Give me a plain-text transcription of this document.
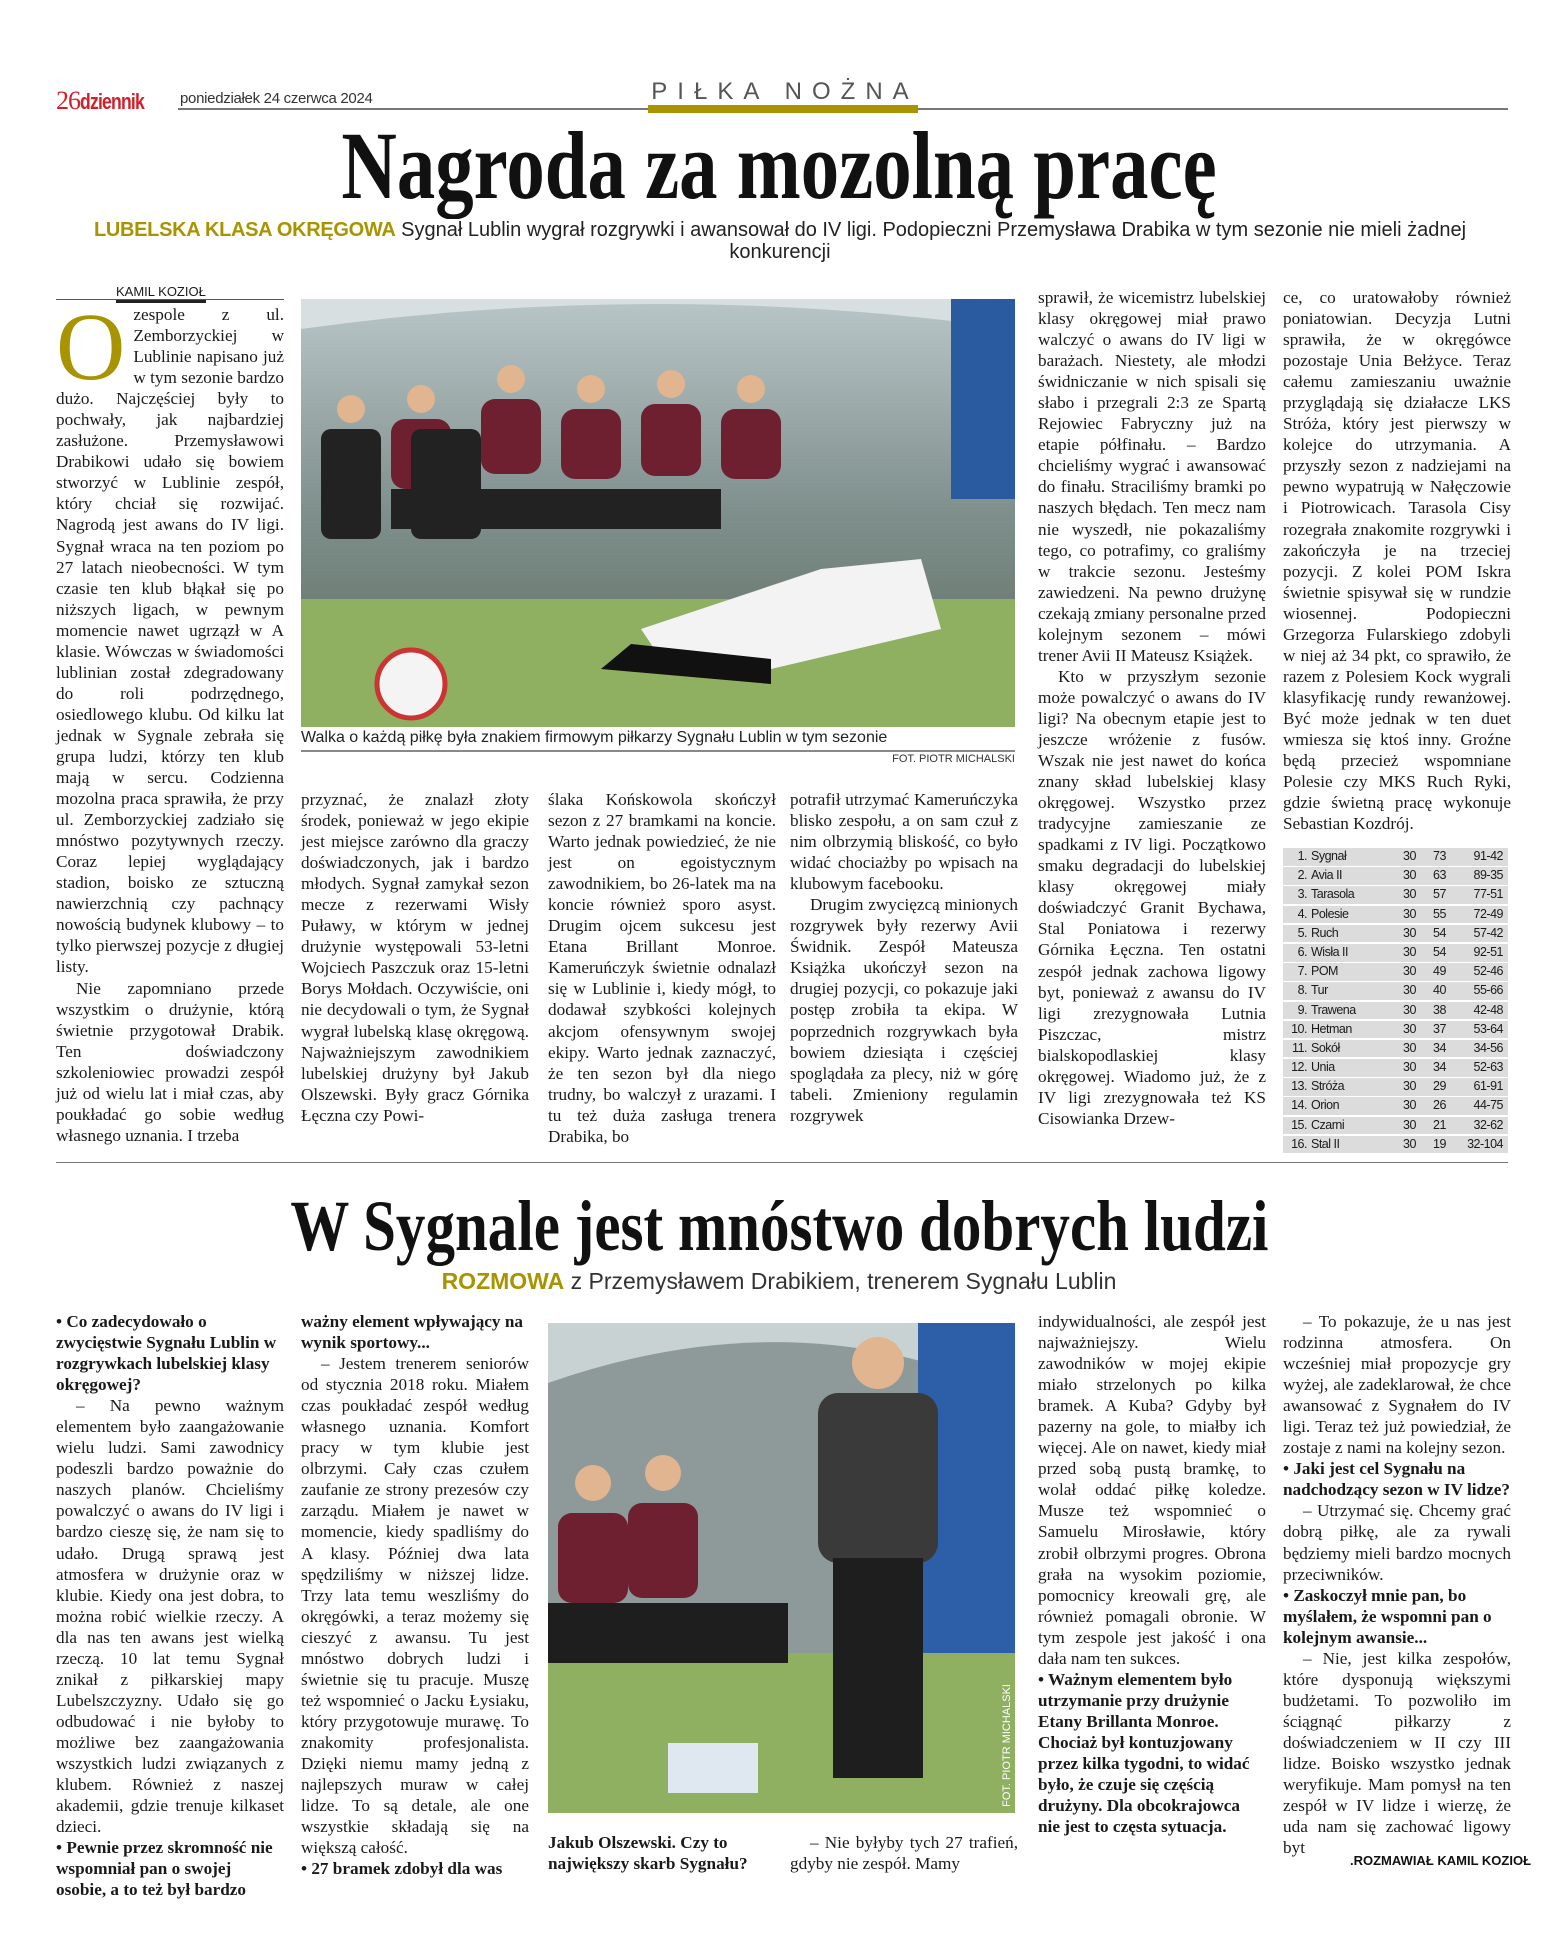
26dziennik	poniedziałek 24 czerwca 2024	PIŁKA NOŻNA
Nagroda za mozolną pracę
LUBELSKA KLASA OKRĘGOWA Sygnał Lublin wygrał rozgrywki i awansował do IV ligi. Podopieczni Przemysława Drabika w tym sezonie nie mieli żadnej konkurencji
KAMIL KOZIOŁ
O zespole z ul. Zemborzyckiej w Lublinie napisano już w tym sezonie bardzo dużo. Najczęściej były to pochwały, jak najbardziej zasłużone. Przemysławowi Drabikowi udało się bowiem stworzyć w Lublinie zespół, który chciał się rozwijać. Nagrodą jest awans do IV ligi. Sygnał wraca na ten poziom po 27 latach nieobecności. W tym czasie ten klub błąkał się po niższych ligach, w pewnym momencie nawet ugrzązł w A klasie. Wówczas w świadomości lublinian został zdegradowany do roli podrzędnego, osiedlowego klubu. Od kilku lat jednak w Sygnale zebrała się grupa ludzi, którzy ten klub mają w sercu. Codzienna mozolna praca sprawiła, że przy ul. Zemborzyckiej zadziało się mnóstwo pozytywnych rzeczy. Coraz lepiej wyglądający stadion, boisko ze sztuczną nawierzchnią czy pachnący nowością budynek klubowy – to tylko pierwszej pozycje z długiej listy.

Nie zapomniano przede wszystkim o drużynie, którą świetnie przygotował Drabik. Ten doświadczony szkoleniowiec prowadzi zespół już od wielu lat i miał czas, aby poukładać go sobie według własnego uznania. I trzeba

Walka o każdą piłkę była znakiem firmowym piłkarzy Sygnału Lublin w tym sezonie
FOT. PIOTR MICHALSKI

przyznać, że znalazł złoty środek, ponieważ w jego ekipie jest miejsce zarówno dla graczy doświadczonych, jak i bardzo młodych. Sygnał zamykał sezon mecze z rezerwami Wisły Puławy, w którym w jednej drużynie występowali 53-letni Wojciech Paszczuk oraz 15-letni Borys Mołdach. Oczywiście, oni nie decydowali o tym, że Sygnał wygrał lubelską klasę okręgową. Najważniejszym zawodnikiem lubelskiej drużyny był Jakub Olszewski. Były gracz Górnika Łęczna czy Powi-

ślaka Końskowola skończył sezon z 27 bramkami na koncie. Warto jednak powiedzieć, że nie jest on egoistycznym zawodnikiem, bo 26-latek ma na koncie również sporo asyst. Drugim ojcem sukcesu jest Etana Brillant Monroe. Kameruńczyk świetnie odnalazł się w Lublinie i, kiedy mógł, to dodawał szybkości kolejnych akcjom ofensywnym swojej ekipy. Warto jednak zaznaczyć, że ten sezon był dla niego trudny, bo walczył z urazami. I tu też duża zasługa trenera Drabika, bo

potrafił utrzymać Kameruńczyka blisko zespołu, a on sam czuł z nim olbrzymią bliskość, co było widać chociażby po wpisach na klubowym facebooku.

Drugim zwycięzcą minionych rozgrywek były rezerwy Avii Świdnik. Zespół Mateusza Książka ukończył sezon na drugiej pozycji, co pokazuje jaki postęp zrobiła ta ekipa. W poprzednich rozgrywkach była bowiem dziesiąta i częściej spoglądała za plecy, niż w górę tabeli. Zmieniony regulamin rozgrywek

sprawił, że wicemistrz lubelskiej klasy okręgowej miał prawo walczyć o awans do IV ligi w barażach. Niestety, ale młodzi świdniczanie w nich spisali się słabo i przegrali 2:3 ze Spartą Rejowiec Fabryczny już na etapie półfinału. – Bardzo chcieliśmy wygrać i awansować do finału. Straciliśmy bramki po naszych błędach. Ten mecz nam nie wyszedł, nie pokazaliśmy tego, co potrafimy, co graliśmy w trakcie sezonu. Jesteśmy zawiedzeni. Na pewno drużynę czekają zmiany personalne przed kolejnym sezonem – mówi trener Avii II Mateusz Książek.

Kto w przyszłym sezonie może powalczyć o awans do IV ligi? Na obecnym etapie jest to jeszcze wróżenie z fusów. Wszak nie jest nawet do końca znany skład lubelskiej klasy okręgowej. Wszystko przez tradycyjne zamieszanie ze spadkami z IV ligi. Początkowo smaku degradacji do lubelskiej klasy okręgowej miały doświadczyć Granit Bychawa, Stal Poniatowa i rezerwy Górnika Łęczna. Ten ostatni zespół jednak zachowa ligowy byt, ponieważ z awansu do IV ligi zrezygnowała Lutnia Piszczac, mistrz bialskopodlaskiej klasy okręgowej. Wiadomo już, że z IV ligi zrezygnowała też KS Cisowianka Drzew-

ce, co uratowałoby również poniatowian. Decyzja Lutni sprawiła, że w okręgówce pozostaje Unia Bełżyce. Teraz całemu zamieszaniu uważnie przyglądają się działacze LKS Stróża, który jest pierwszy w kolejce do utrzymania. A przyszły sezon z nadziejami na pewno wypatrują w Nałęczowie i Piotrowicach. Tarasola Cisy rozegrała znakomite rozgrywki i zakończyła je na trzeciej pozycji. Z kolei POM Iskra świetnie spisywał się w rundzie wiosennej. Podopieczni Grzegorza Fularskiego zdobyli w niej aż 34 pkt, co sprawiło, że razem z Polesiem Kock wygrali klasyfikację rundy rewanżowej. Być może jednak w ten duet wmiesza się ktoś inny. Groźne będą przecież wspomniane Polesie czy MKS Ruch Ryki, gdzie świetną pracę wykonuje Sebastian Kozdrój.

1. Sygnał	30	73	91-42
2. Avia II	30	63	89-35
3. Tarasola	30	57	77-51
4. Polesie	30	55	72-49
5. Ruch	30	54	57-42
6. Wisła II	30	54	92-51
7. POM	30	49	52-46
8. Tur	30	40	55-66
9. Trawena	30	38	42-48
10. Hetman	30	37	53-64
11. Sokół	30	34	34-56
12. Unia	30	34	52-63
13. Stróża	30	29	61-91
14. Orion	30	26	44-75
15. Czarni	30	21	32-62
16. Stal II	30	19	32-104
W Sygnale jest mnóstwo dobrych ludzi
ROZMOWA z Przemysławem Drabikiem, trenerem Sygnału Lublin

• Co zadecydowało o zwycięstwie Sygnału Lublin w rozgrywkach lubelskiej klasy okręgowej?

– Na pewno ważnym elementem było zaangażowanie wielu ludzi. Sami zawodnicy podeszli bardzo poważnie do naszych planów. Chcieliśmy powalczyć o awans do IV ligi i bardzo cieszę się, że nam się to udało. Drugą sprawą jest atmosfera w drużynie oraz w klubie. Kiedy ona jest dobra, to można robić wielkie rzeczy. A dla nas ten awans jest wielką rzeczą. 10 lat temu Sygnał znikał z piłkarskiej mapy Lubelszczyzny. Udało się go odbudować i nie byłoby to możliwe bez zaangażowania wszystkich ludzi związanych z klubem. Również z naszej akademii, gdzie trenuje kilkaset dzieci.

• Pewnie przez skromność nie wspomniał pan o swojej osobie, a to też był bardzo

ważny element wpływający na wynik sportowy...

– Jestem trenerem seniorów od stycznia 2018 roku. Miałem czas poukładać zespół według własnego uznania. Komfort pracy w tym klubie jest olbrzymi. Cały czas czułem zaufanie ze strony prezesów czy zarządu. Miałem je nawet w momencie, kiedy spadliśmy do A klasy. Później dwa lata spędziliśmy w niższej lidze. Trzy lata temu weszliśmy do okręgówki, a teraz możemy się cieszyć z awansu. Tu jest mnóstwo dobrych ludzi i świetnie się tu pracuje. Muszę też wspomnieć o Jacku Łysiaku, który przygotowuje murawę. To znakomity profesjonalista. Dzięki niemu mamy jedną z najlepszych muraw w całej lidze. To są detale, ale one wszystkie składają się na większą całość.

• 27 bramek zdobył dla was

FOT. PIOTR MICHALSKI

Jakub Olszewski. Czy to największy skarb Sygnału?

– Nie byłyby tych 27 trafień, gdyby nie zespół. Mamy

indywidualności, ale zespół jest najważniejszy. Wielu zawodników w mojej ekipie miało strzelonych po kilka bramek. A Kuba? Gdyby był pazerny na gole, to miałby ich więcej. Ale on nawet, kiedy miał przed sobą pustą bramkę, to wolał oddać piłkę koledze. Musze też wspomnieć o Samuelu Mirosławie, który zrobił olbrzymi progres. Obrona grała na wysokim poziomie, pomocnicy kreowali grę, ale również pomagali obronie. W tym zespole jest jakość i ona dała nam ten sukces.

• Ważnym elementem było utrzymanie przy drużynie Etany Brillanta Monroe. Chociaż był kontuzjowany przez kilka tygodni, to widać było, że czuje się częścią drużyny. Dla obcokrajowca nie jest to częsta sytuacja.

– To pokazuje, że u nas jest rodzinna atmosfera. On wcześniej miał propozycje gry wyżej, ale zadeklarował, że chce awansować z Sygnałem do IV ligi. Teraz też już powiedział, że zostaje z nami na kolejny sezon.

• Jaki jest cel Sygnału na nadchodzący sezon w IV lidze?

– Utrzymać się. Chcemy grać dobrą piłkę, ale za rywali będziemy mieli bardzo mocnych przeciwników.

• Zaskoczył mnie pan, bo myślałem, że wspomni pan o kolejnym awansie...

– Nie, jest kilka zespołów, które dysponują większymi budżetami. To pozwoliło im ściągnąć piłkarzy z doświadczeniem w II czy III lidze. Boisko wszystko jednak weryfikuje. Mam pomysł na ten zespół w IV lidze i wierzę, że uda nam się zachować ligowy byt

.ROZMAWIAŁ KAMIL KOZIOŁ
